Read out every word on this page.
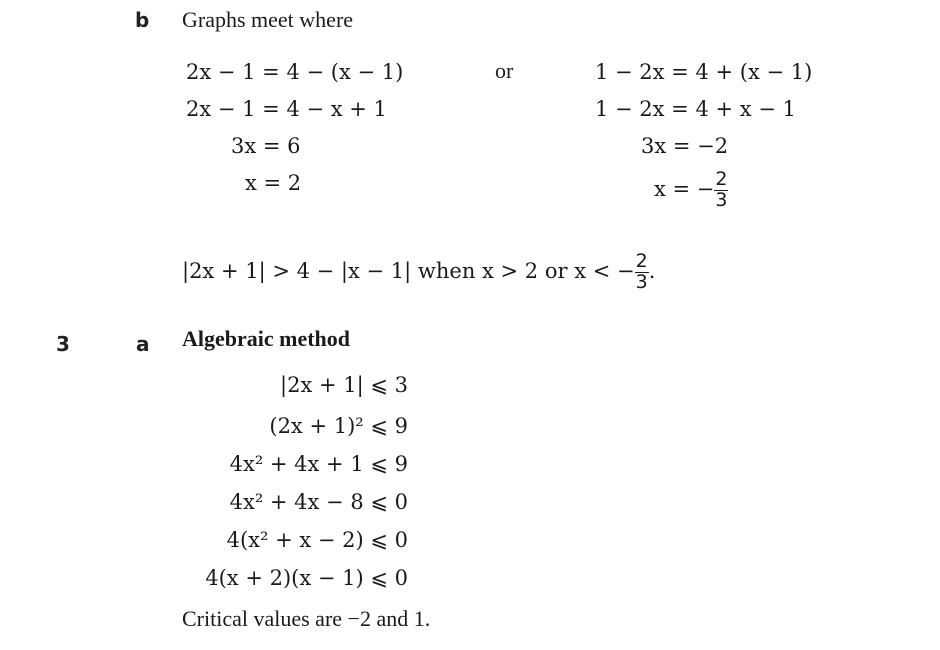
b Graphs meet where
2x − 1 = 4 − (x − 1)
2x − 1 = 4 − x + 1
3x = 6
x = 2
or	1 − 2x = 4 + (x − 1)
1 − 2x = 4 + x − 1
3x = −2
x = − $\frac{2}{3}$
|2x + 1| > 4 − |x − 1| when x > 2 or x < − $\frac{2}{3}$ .
3	a Algebraic method
|2x + 1| ⩽ 3
(2x + 1)² ⩽ 9
4x² + 4x + 1 ⩽ 9
4x² + 4x − 8 ⩽ 0
4(x² + x − 2) ⩽ 0
4(x + 2)(x − 1) ⩽ 0
Critical values are −2 and 1.
